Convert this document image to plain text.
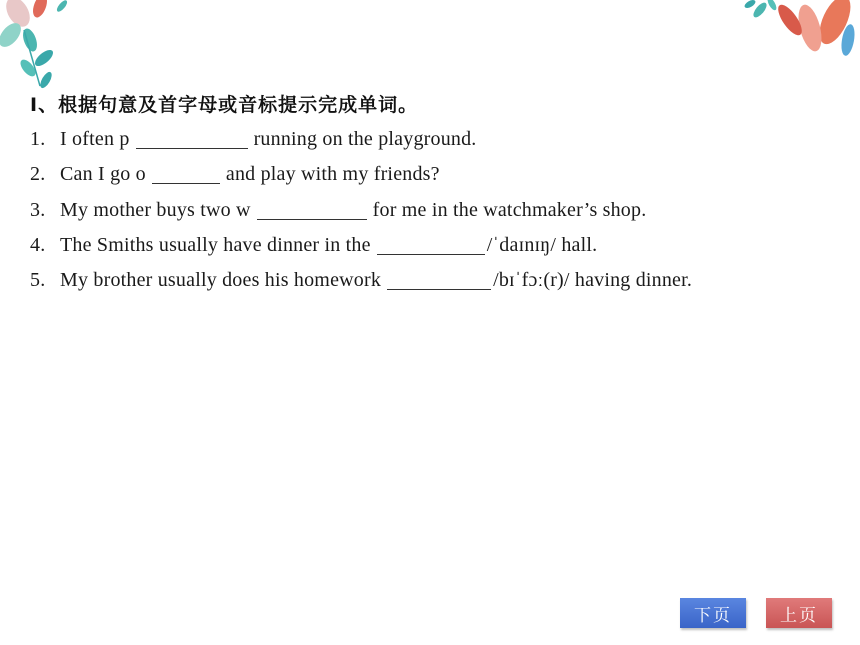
Ⅰ、根据句意及首字母或音标提示完成单词。
1. I often p	running on the playground.
2. Can I go o	and play with my friends?
3. My mother buys two w	for me in the watchmaker’s shop.
4. The Smiths usually have dinner in the	/ˈdaɪnɪŋ/ hall.
5. My brother usually does his homework	/bɪˈfɔː(r)/ having dinner.
下页	上页
